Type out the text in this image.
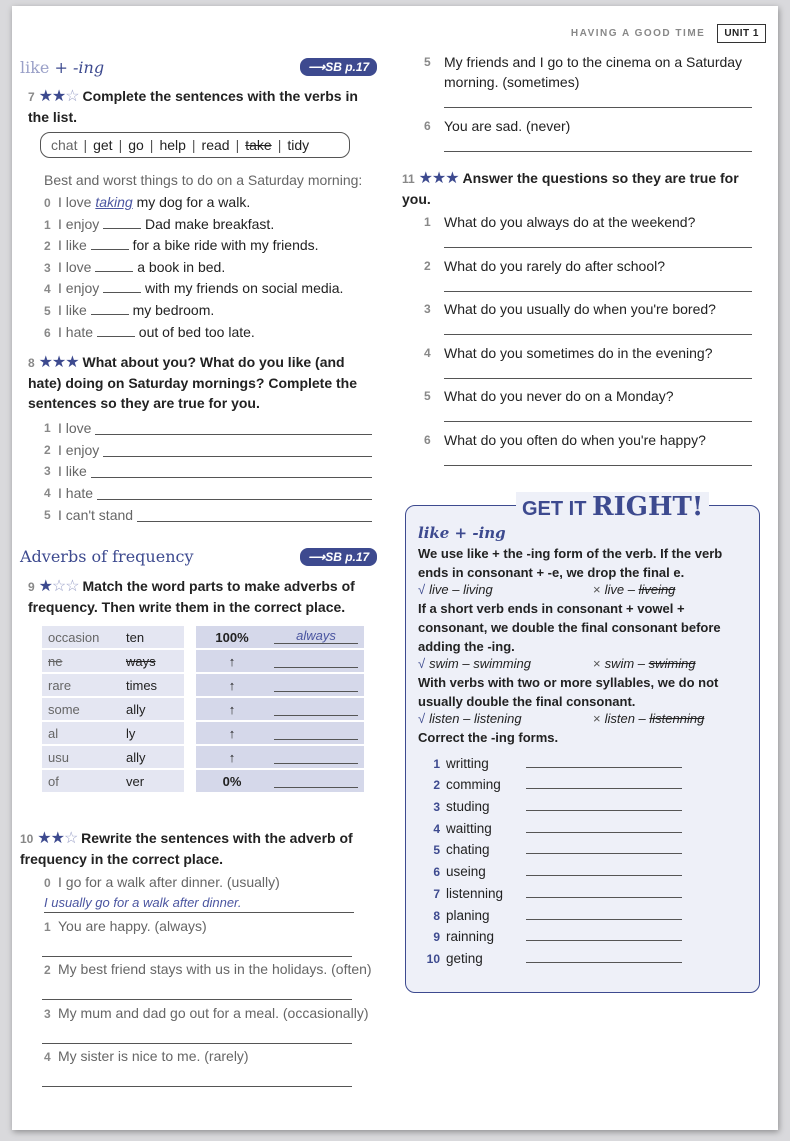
HAVING A GOOD TIME	UNIT 1
like + -ing	⟶SB p.17
7 ★★☆ Complete the sentences with the verbs in the list.
chat | get | go | help | read | take | tidy
Best and worst things to do on a Saturday morning:
0 I love taking my dog for a walk.
1 I enjoy	Dad make breakfast.
2 I like	for a bike ride with my friends.
3 I love	a book in bed.
4 I enjoy	with my friends on social media.
5 I like	my bedroom.
6 I hate	out of bed too late.
8 ★★★ What about you? What do you like (and hate) doing on Saturday mornings? Complete the sentences so they are true for you.
1 I love
2 I enjoy
3 I like
4 I hate
5 I can't stand
Adverbs of frequency	⟶SB p.17
9 ★☆☆ Match the word parts to make adverbs of frequency. Then write them in the correct place.
occasion	ten		100%	always

ne	ways		↑	

rare	times		↑	

some	ally		↑	

al	ly		↑	

usu	ally		↑	

of	ver		0%	
10 ★★☆ Rewrite the sentences with the adverb of frequency in the correct place.
0 I go for a walk after dinner. (usually)
I usually go for a walk after dinner.
1 You are happy. (always)
2 My best friend stays with us in the holidays. (often)
3 My mum and dad go out for a meal. (occasionally)
4 My sister is nice to me. (rarely)
5 My friends and I go to the cinema on a Saturday morning. (sometimes)
6 You are sad. (never)
11 ★★★ Answer the questions so they are true for you.
1 What do you always do at the weekend?
2 What do you rarely do after school?
3 What do you usually do when you're bored?
4 What do you sometimes do in the evening?
5 What do you never do on a Monday?
6 What do you often do when you're happy?
GET IT RIGHT!
like + -ing

We use like + the -ing form of the verb. If the verb ends in consonant + -e, we drop the final e.

√ live – living	× live – liveing

If a short verb ends in consonant + vowel + consonant, we double the final consonant before adding the -ing.

√ swim – swimming	× swim – swiming

With verbs with two or more syllables, we do not usually double the final consonant.

√ listen – listening	× listen – listenning

Correct the -ing forms.

1 writting
2 comming
3 studing
4 waitting
5 chating
6 useing
7 listenning
8 planing
9 rainning
10 geting
